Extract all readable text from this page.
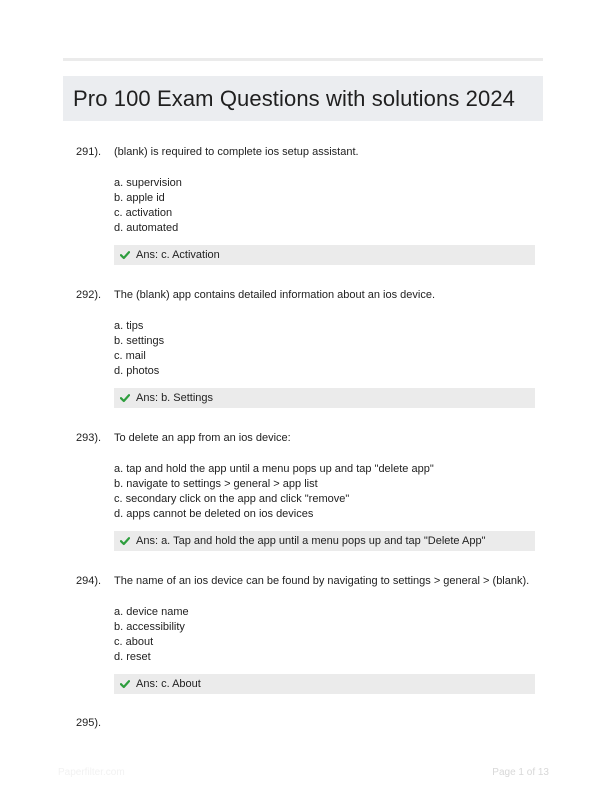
Pro 100 Exam Questions with solutions 2024
291). (blank) is required to complete ios setup assistant.
a. supervision
b. apple id
c. activation
d. automated
Ans: c. Activation
292). The (blank) app contains detailed information about an ios device.
a. tips
b. settings
c. mail
d. photos
Ans: b. Settings
293). To delete an app from an ios device:
a. tap and hold the app until a menu pops up and tap "delete app"
b. navigate to settings > general > app list
c. secondary click on the app and click "remove"
d. apps cannot be deleted on ios devices
Ans: a. Tap and hold the app until a menu pops up and tap "Delete App"
294). The name of an ios device can be found by navigating to settings > general > (blank).
a. device name
b. accessibility
c. about
d. reset
Ans: c. About
295).
Paperfilter.com	Page 1 of 13
